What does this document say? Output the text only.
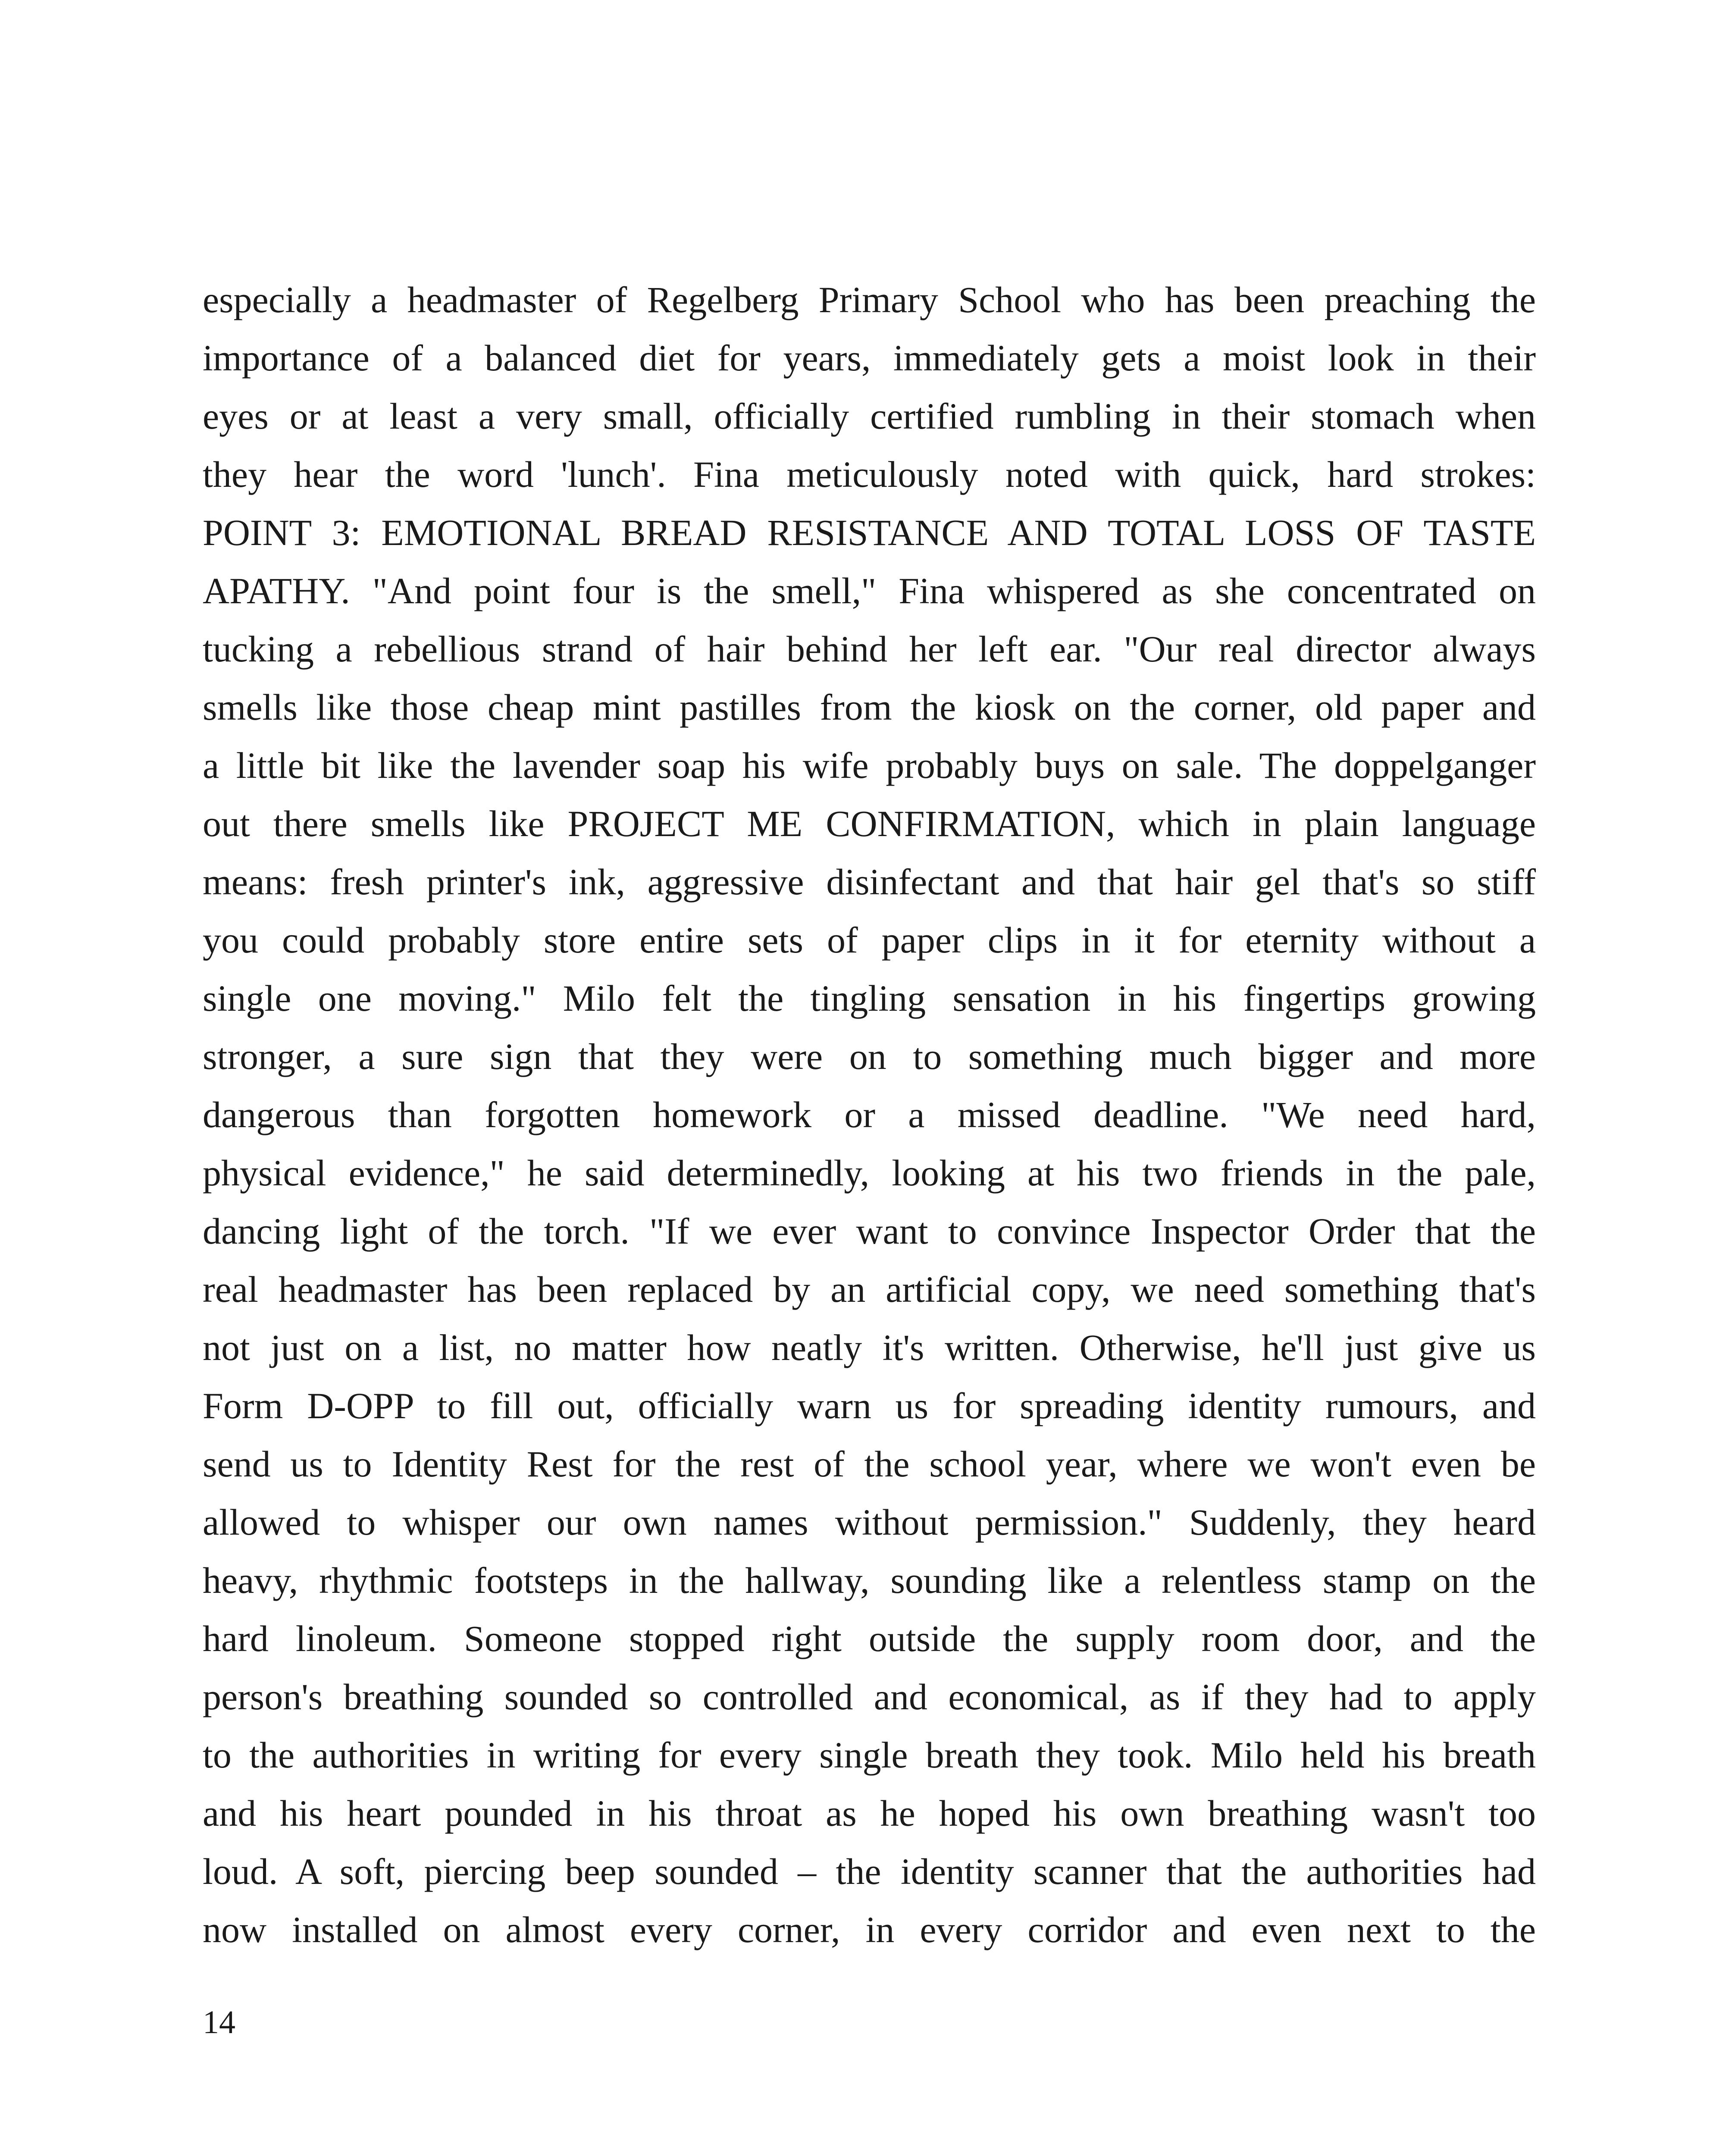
especially a headmaster of Regelberg Primary School who has been preaching the
importance of a balanced diet for years, immediately gets a moist look in their
eyes or at least a very small, officially certified rumbling in their stomach when
they hear the word 'lunch'. Fina meticulously noted with quick, hard strokes:
POINT 3: EMOTIONAL BREAD RESISTANCE AND TOTAL LOSS OF TASTE
APATHY. "And point four is the smell," Fina whispered as she concentrated on
tucking a rebellious strand of hair behind her left ear. "Our real director always
smells like those cheap mint pastilles from the kiosk on the corner, old paper and
a little bit like the lavender soap his wife probably buys on sale. The doppelganger
out there smells like PROJECT ME CONFIRMATION, which in plain language
means: fresh printer's ink, aggressive disinfectant and that hair gel that's so stiff
you could probably store entire sets of paper clips in it for eternity without a
single one moving." Milo felt the tingling sensation in his fingertips growing
stronger, a sure sign that they were on to something much bigger and more
dangerous than forgotten homework or a missed deadline. "We need hard,
physical evidence," he said determinedly, looking at his two friends in the pale,
dancing light of the torch. "If we ever want to convince Inspector Order that the
real headmaster has been replaced by an artificial copy, we need something that's
not just on a list, no matter how neatly it's written. Otherwise, he'll just give us
Form D-OPP to fill out, officially warn us for spreading identity rumours, and
send us to Identity Rest for the rest of the school year, where we won't even be
allowed to whisper our own names without permission." Suddenly, they heard
heavy, rhythmic footsteps in the hallway, sounding like a relentless stamp on the
hard linoleum. Someone stopped right outside the supply room door, and the
person's breathing sounded so controlled and economical, as if they had to apply
to the authorities in writing for every single breath they took. Milo held his breath
and his heart pounded in his throat as he hoped his own breathing wasn't too
loud. A soft, piercing beep sounded – the identity scanner that the authorities had
now installed on almost every corner, in every corridor and even next to the
14
